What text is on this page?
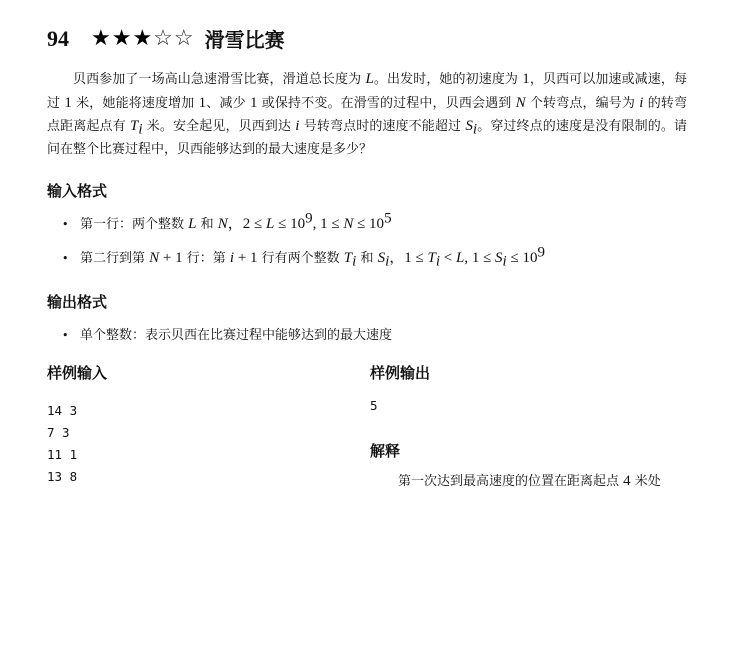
94 ★★★☆☆ 滑雪比赛
贝西参加了一场高山急速滑雪比赛，滑道总长度为 L。出发时，她的初速度为 1，贝西可以加速或减速，每过 1 米，她能将速度增加 1、减少 1 或保持不变。在滑雪的过程中，贝西会遇到 N 个转弯点，编号为 i 的转弯点距离起点有 $T_i$ 米。安全起见，贝西到达 i 号转弯点时的速度不能超过 $S_i$。穿过终点的速度是没有限制的。请问在整个比赛过程中，贝西能够达到的最大速度是多少？
输入格式
• 第一行：两个整数 L 和 N，$2 \le L \le 10^9$, $1 \le N \le 10^5$
• 第二行到第 N + 1 行：第 i + 1 行有两个整数 $T_i$ 和 $S_i$，$1 \le T_i < L$, $1 \le S_i \le 10^9$
输出格式
• 单个整数：表示贝西在比赛过程中能够达到的最大速度
样例输入
14 3
7 3
11 1
13 8
样例输出
5
解释
第一次达到最高速度的位置在距离起点 4 米处
